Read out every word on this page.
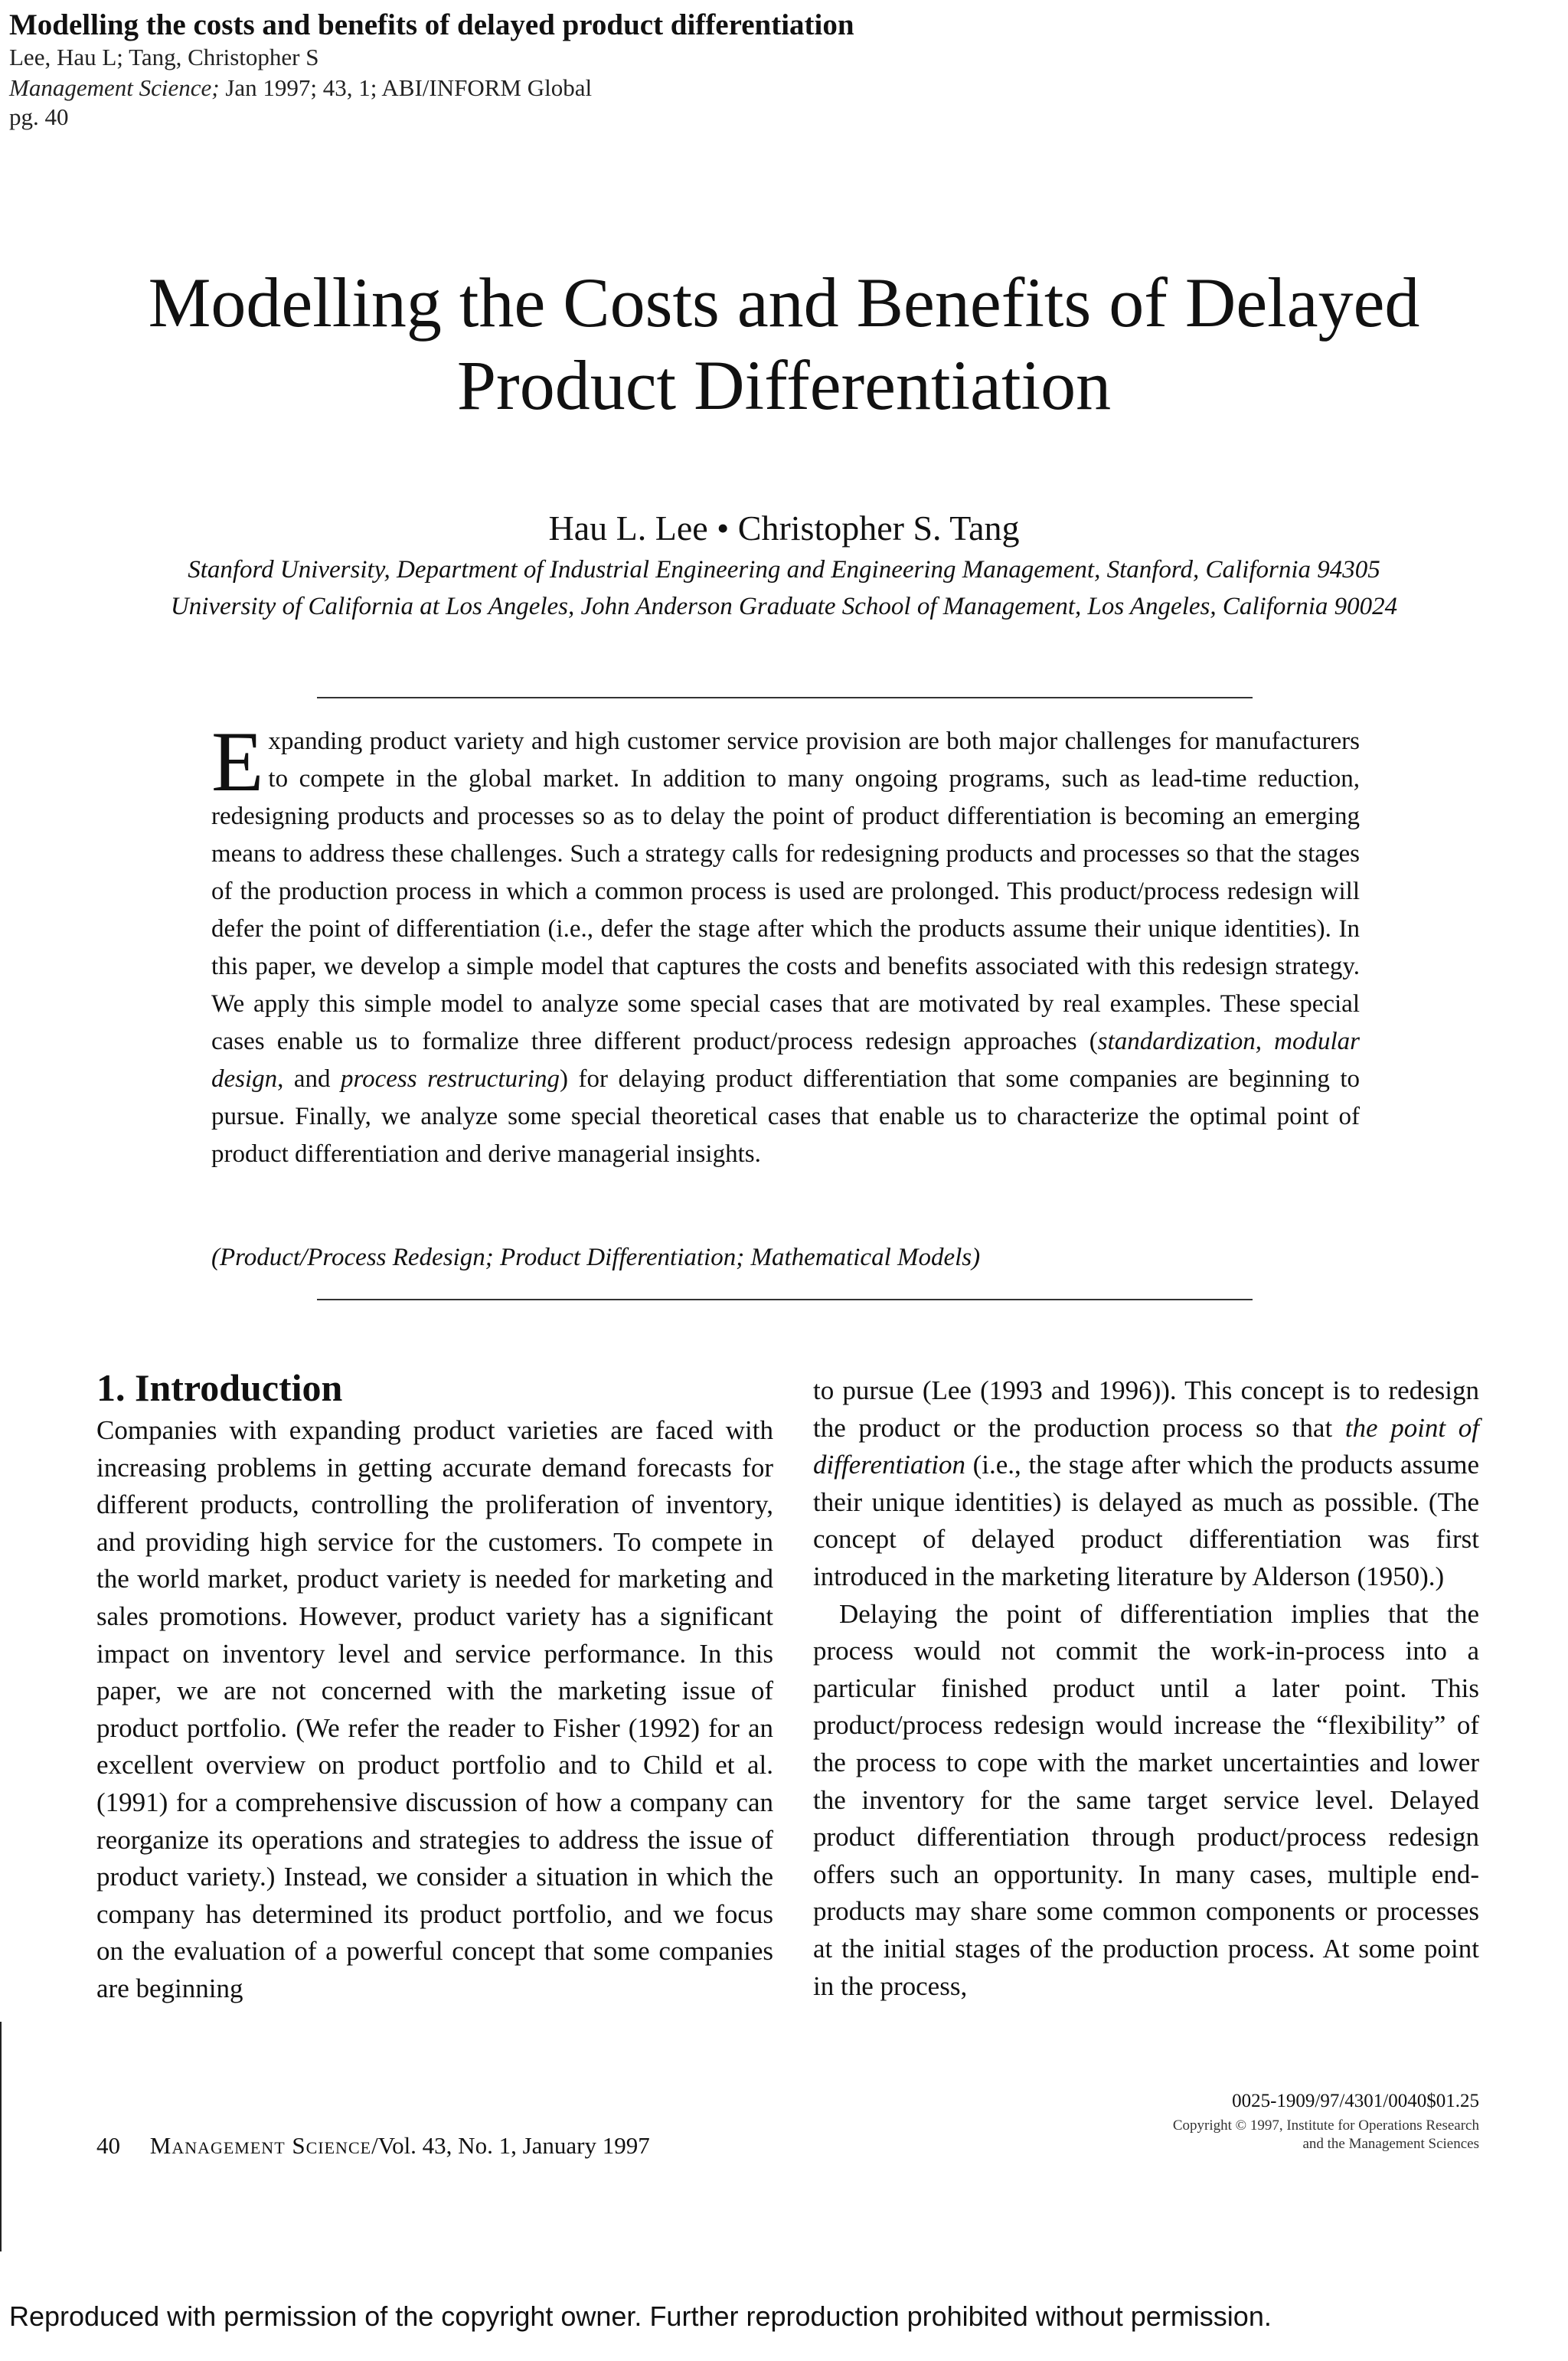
Modelling the costs and benefits of delayed product differentiation
Lee, Hau L; Tang, Christopher S
Management Science; Jan 1997; 43, 1; ABI/INFORM Global
pg. 40
Modelling the Costs and Benefits of Delayed
Product Differentiation
Hau L. Lee • Christopher S. Tang
Stanford University, Department of Industrial Engineering and Engineering Management, Stanford, California 94305
University of California at Los Angeles, John Anderson Graduate School of Management, Los Angeles, California 90024
Expanding product variety and high customer service provision are both major challenges for manufacturers to compete in the global market. In addition to many ongoing programs, such as lead-time reduction, redesigning products and processes so as to delay the point of product differentiation is becoming an emerging means to address these challenges. Such a strategy calls for redesigning products and processes so that the stages of the production process in which a common process is used are prolonged. This product/process redesign will defer the point of differentiation (i.e., defer the stage after which the products assume their unique identities). In this paper, we develop a simple model that captures the costs and benefits associated with this redesign strategy. We apply this simple model to analyze some special cases that are motivated by real examples. These special cases enable us to formalize three different product/process redesign approaches (standardization, modular design, and process restructuring) for delaying product differentiation that some companies are beginning to pursue. Finally, we analyze some special theoretical cases that enable us to characterize the optimal point of product differentiation and derive managerial insights.
(Product/Process Redesign; Product Differentiation; Mathematical Models)
1. Introduction

Companies with expanding product varieties are faced with increasing problems in getting accurate demand forecasts for different products, controlling the proliferation of inventory, and providing high service for the customers. To compete in the world market, product variety is needed for marketing and sales promotions. However, product variety has a significant impact on inventory level and service performance. In this paper, we are not concerned with the marketing issue of product portfolio. (We refer the reader to Fisher (1992) for an excellent overview on product portfolio and to Child et al. (1991) for a comprehensive discussion of how a company can reorganize its operations and strategies to address the issue of product variety.) Instead, we consider a situation in which the company has determined its product portfolio, and we focus on the evaluation of a powerful concept that some companies are beginning

to pursue (Lee (1993 and 1996)). This concept is to redesign the product or the production process so that the point of differentiation (i.e., the stage after which the products assume their unique identities) is delayed as much as possible. (The concept of delayed product differentiation was first introduced in the marketing literature by Alderson (1950).)

Delaying the point of differentiation implies that the process would not commit the work-in-process into a particular finished product until a later point. This product/process redesign would increase the “flexibility” of the process to cope with the market uncertainties and lower the inventory for the same target service level. Delayed product differentiation through product/process redesign offers such an opportunity. In many cases, multiple end-products may share some common components or processes at the initial stages of the production process. At some point in the process,

40 Management Science/Vol. 43, No. 1, January 1997
0025-1909/97/4301/0040$01.25
Copyright © 1997, Institute for Operations Research
and the Management Sciences
Reproduced with permission of the copyright owner. Further reproduction prohibited without permission.
